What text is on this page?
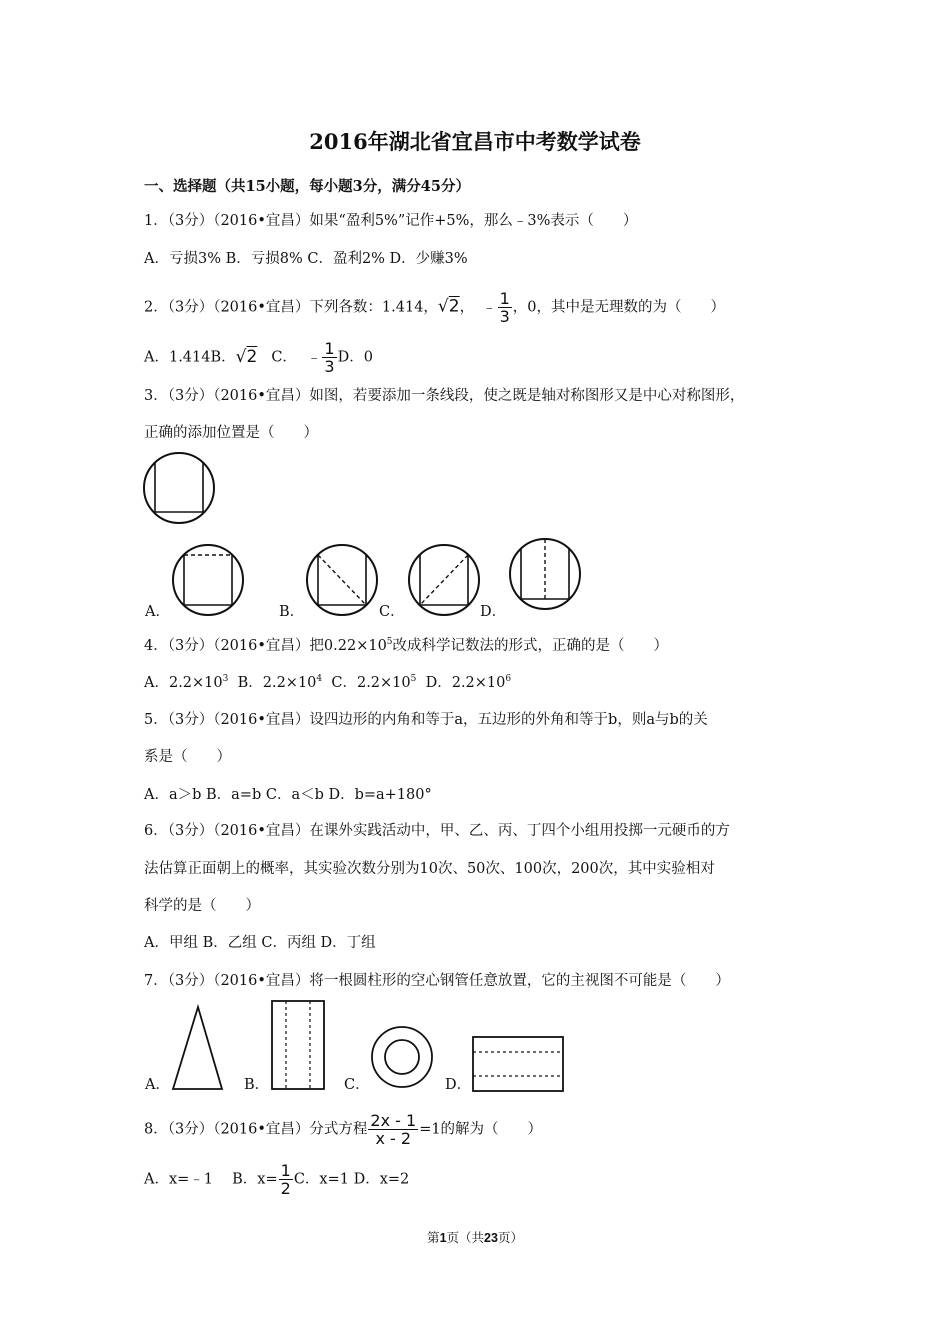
2016年湖北省宜昌市中考数学试卷
一、选择题（共15小题，每小题3分，满分45分）
1．（3分）（2016•宜昌）如果“盈利5%”记作+5%，那么﹣3%表示（　　）
A．亏损3% B．亏损8% C．盈利2% D．少赚3%
2．（3分）（2016•宜昌）下列各数：1.414，√2， ﹣ $\frac{1}{3}$ ，0，其中是无理数的为（　　）
A．1.414B．√2 C． ﹣ $\frac{1}{3}$ D．0
3．（3分）（2016•宜昌）如图，若要添加一条线段，使之既是轴对称图形又是中心对称图形，
正确的添加位置是（　　）
A．	B．	C．	D．
4．（3分）（2016•宜昌）把$0.22\times 10^5$改成科学记数法的形式，正确的是（　　）
A．$2.2\times 10^3$ B．$2.2\times 10^4$ C．$2.2\times 10^5$ D．$2.2\times 10^6$
5．（3分）（2016•宜昌）设四边形的内角和等于a，五边形的外角和等于b，则a与b的关
系是（　　）
A．a＞b B．a=b C．a＜b D．b=a+180°
6．（3分）（2016•宜昌）在课外实践活动中，甲、乙、丙、丁四个小组用投掷一元硬币的方
法估算正面朝上的概率，其实验次数分别为10次、50次、100次，200次，其中实验相对
科学的是（　　）
A．甲组 B．乙组 C．丙组 D．丁组
7．（3分）（2016•宜昌）将一根圆柱形的空心钢管任意放置，它的主视图不可能是（　　）
A．	B．	C．	D．
8．（3分）（2016•宜昌）分式方程 $\frac{2x - 1}{x - 2} =1$的解为（　　）
A．x=﹣1　 B．$x= \frac{1}{2}$ C．x=1 D．x=2
第1页（共23页）
